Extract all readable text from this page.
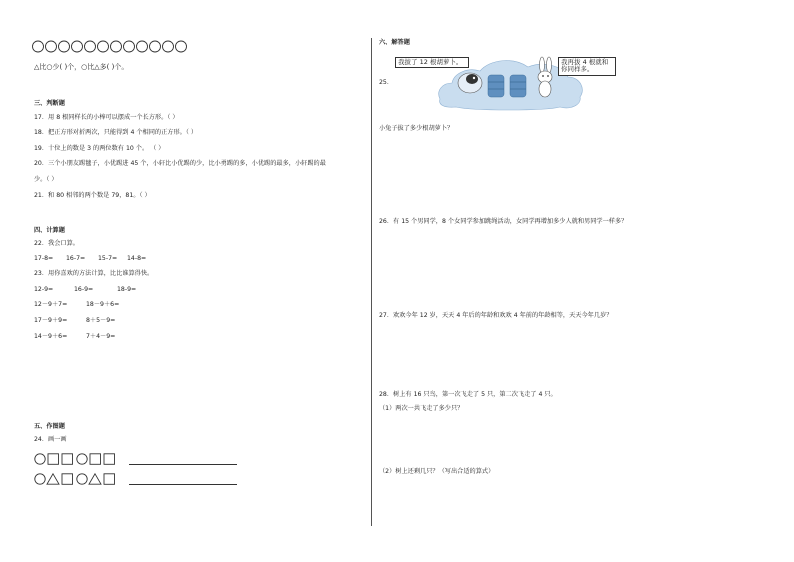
△比○少( )个，○比△多( )个。
三、判断题
17．用 8 根同样长的小棒可以摆成一个长方形。（ ）
18．把正方形对折两次，只能得到 4 个相同的正方形。（ ）
19．十位上的数是 3 的两位数有 10 个。 （ ）
20．三个小朋友踢毽子，小优踢进 45 个，小轩比小优踢的少，比小勇踢的多，小优踢的最多，小轩踢的最
少。（ ）
21．和 80 相邻的两个数是 79，81。（ ）
四、计算题
22．我会口算。
17-8= 16-7= 15-7= 14-8=
23．用你喜欢的方法计算，比比谁算得快。
12-9=	16-9=	18-9=
12－9＋7=	18－9＋6=
17－9＋9=	8＋5－9=
14－9＋6=	7＋4－9=
五、作图题
24．画一画
六、解答题
25．
我拔了 12 根胡萝卜。	我再拔 4 根就和你同样多。
小兔子拔了多少根胡萝卜？
26．有 15 个男同学，8 个女同学参加跳绳活动，女同学再增加多少人就和男同学一样多？
27．欢欢今年 12 岁，天天 4 年后的年龄和欢欢 4 年前的年龄相等，天天今年几岁？
28．树上有 16 只鸟，第一次飞走了 5 只，第二次飞走了 4 只。
（1）两次一共飞走了多少只？
（2）树上还剩几只？（写出合适的算式）
